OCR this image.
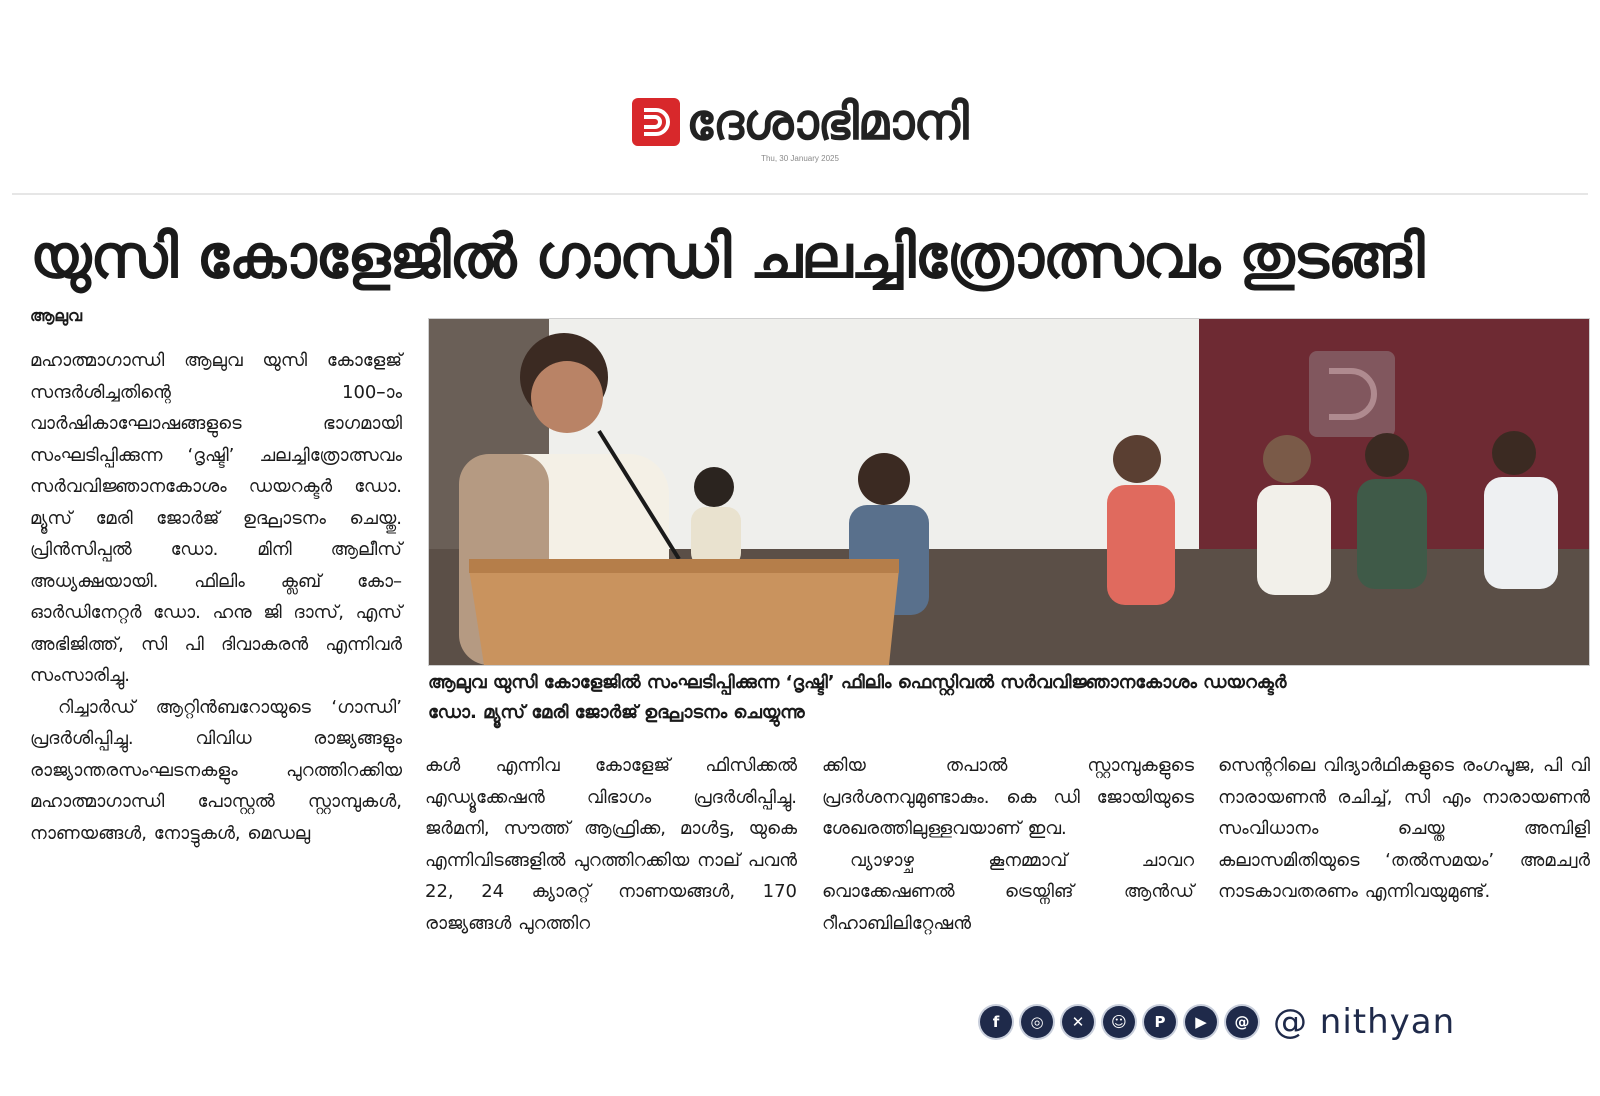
ദേശാഭിമാനി
Thu, 30 January 2025
യുസി കോളേജിൽ ഗാന്ധി ചലച്ചിത്രോത്സവം തുടങ്ങി
ആലുവ

മഹാത്മാഗാന്ധി ആലുവ യുസി കോളേജ് സന്ദർശിച്ചതിന്റെ 100–ാം വാർഷികാഘോഷങ്ങളുടെ ഭാഗമായി സംഘടിപ്പിക്കുന്ന ‘ദൃഷ്ടി’ ചലച്ചിത്രോത്സവം സർവവിജ്ഞാനകോശം ഡയറക്ടർ ഡോ. മ്യൂസ് മേരി ജോർജ് ഉദ്ഘാടനം ചെയ്തു. പ്രിൻസിപ്പൽ ഡോ. മിനി ആലീസ് അധ്യക്ഷയായി. ഫിലിം ക്ലബ് കോ–ഓർഡിനേറ്റർ ഡോ. ഹനു ജി ദാസ്, എസ് അഭിജിത്ത്, സി പി ദിവാകരൻ എന്നിവർ സംസാരിച്ചു.

റിച്ചാർഡ് ആറ്റിൻബറോയുടെ ‘ഗാന്ധി’ പ്രദർശിപ്പിച്ചു. വിവിധ രാജ്യങ്ങളും രാജ്യാന്തരസംഘടനകളും പുറത്തിറക്കിയ മഹാത്മാഗാന്ധി പോസ്റ്റൽ സ്റ്റാമ്പുകൾ, നാണയങ്ങൾ, നോട്ടുകൾ, മെഡലു

ആലുവ യുസി കോളേജിൽ സംഘടിപ്പിക്കുന്ന ‘ദൃഷ്ടി’ ഫിലിം ഫെസ്റ്റിവൽ സർവവിജ്ഞാനകോശം ഡയറക്ടർ

ഡോ. മ്യൂസ് മേരി ജോർജ് ഉദ്ഘാടനം ചെയ്യുന്നു

കൾ എന്നിവ കോളേജ് ഫിസിക്കൽ എഡ്യൂക്കേഷൻ വിഭാഗം പ്രദർശിപ്പിച്ചു. ജർമനി, സൗത്ത് ആഫ്രിക്ക, മാൾട്ട, യുകെ എന്നിവിടങ്ങളിൽ പുറത്തിറക്കിയ നാല് പവൻ 22, 24 ക്യാരറ്റ് നാണയങ്ങൾ, 170 രാജ്യങ്ങൾ പുറത്തിറ

ക്കിയ തപാൽ സ്റ്റാമ്പുകളുടെ പ്രദർശനവുമുണ്ടാകും. കെ ഡി ജോയിയുടെ ശേഖരത്തിലുള്ളവയാണ് ഇവ.

വ്യാഴാഴ്ച കൂനമ്മാവ് ചാവറ വൊക്കേഷണൽ ട്രെയ്നിങ് ആൻഡ് റീഹാബിലിറ്റേഷൻ

സെന്ററിലെ വിദ്യാർഥികളുടെ രംഗപൂജ, പി വി നാരായണൻ രചിച്ച്, സി എം നാരായണൻ സംവിധാനം ചെയ്ത അമ്പിളി കലാസമിതിയുടെ ‘തൽസമയം’ അമച്വർ നാടകാവതരണം എന്നിവയുമുണ്ട്.

f	◎	✕	☺	P	▶	@ @ nithyan
